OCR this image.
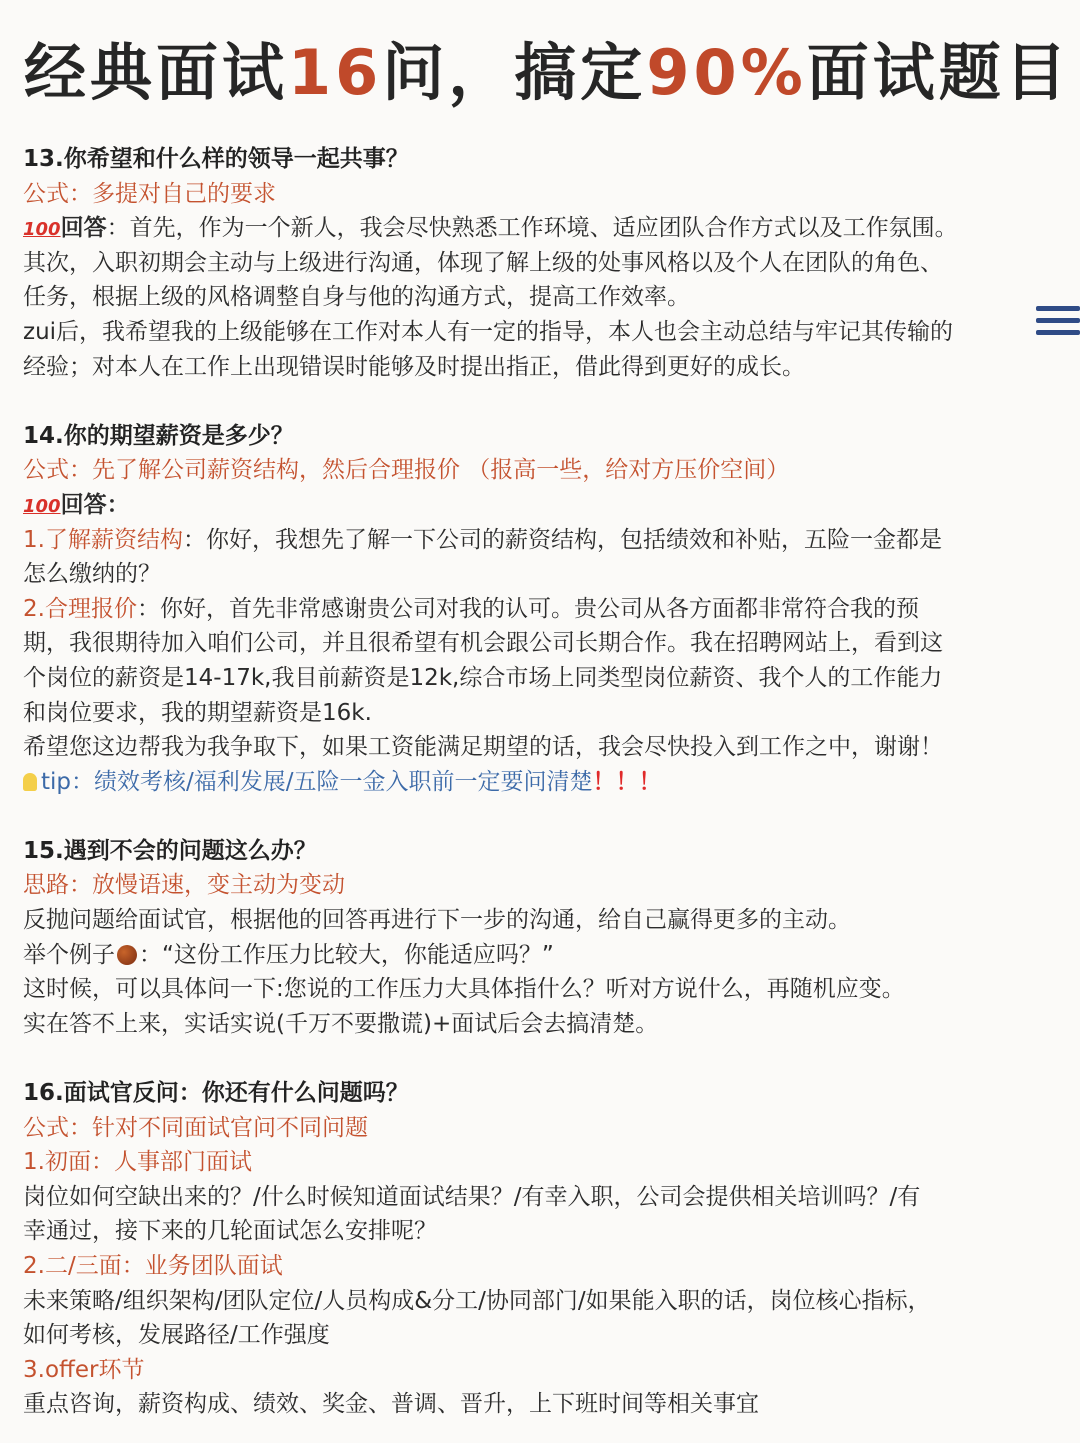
经典面试16问，搞定90%面试题目
13.你希望和什么样的领导一起共事？
公式：多提对自己的要求
100回答：首先，作为一个新人，我会尽快熟悉工作环境、适应团队合作方式以及工作氛围。
其次，入职初期会主动与上级进行沟通，体现了解上级的处事风格以及个人在团队的角色、
任务，根据上级的风格调整自身与他的沟通方式，提高工作效率。
zui后，我希望我的上级能够在工作对本人有一定的指导，本人也会主动总结与牢记其传输的
经验；对本人在工作上出现错误时能够及时提出指正，借此得到更好的成长。
14.你的期望薪资是多少？
公式：先了解公司薪资结构，然后合理报价 （报高一些，给对方压价空间）
100回答：
1.了解薪资结构：你好，我想先了解一下公司的薪资结构，包括绩效和补贴，五险一金都是
怎么缴纳的？
2.合理报价：你好，首先非常感谢贵公司对我的认可。贵公司从各方面都非常符合我的预
期，我很期待加入咱们公司，并且很希望有机会跟公司长期合作。我在招聘网站上，看到这
个岗位的薪资是14-17k,我目前薪资是12k,综合市场上同类型岗位薪资、我个人的工作能力
和岗位要求，我的期望薪资是16k.
希望您这边帮我为我争取下，如果工资能满足期望的话，我会尽快投入到工作之中，谢谢！
tip：绩效考核/福利发展/五险一金入职前一定要问清楚！！！
15.遇到不会的问题这么办？
思路：放慢语速，变主动为变动
反抛问题给面试官，根据他的回答再进行下一步的沟通，给自己赢得更多的主动。
举个例子 ：“这份工作压力比较大，你能适应吗？”
这时候，可以具体问一下:您说的工作压力大具体指什么？听对方说什么，再随机应变。
实在答不上来，实话实说(千万不要撒谎)+面试后会去搞清楚。
16.面试官反问：你还有什么问题吗？
公式：针对不同面试官问不同问题
1.初面：人事部门面试
岗位如何空缺出来的？/什么时候知道面试结果？/有幸入职，公司会提供相关培训吗？/有
幸通过，接下来的几轮面试怎么安排呢？
2.二/三面：业务团队面试
未来策略/组织架构/团队定位/人员构成&分工/协同部门/如果能入职的话，岗位核心指标，
如何考核，发展路径/工作强度
3.offer环节
重点咨询，薪资构成、绩效、奖金、普调、晋升，上下班时间等相关事宜
